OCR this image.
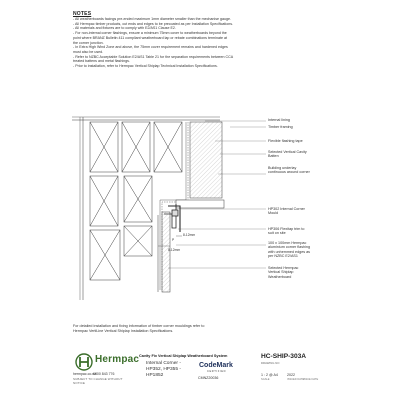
NOTES
- All weatherboards facings pre-ended maximum 1mm diameter smaller than the mechanise gauge.
- All Hermpac timber products, cut ends and edges to be precoated as per Installation Specifications.
- All materials and fixtures are to comply with E2/AS1 Clause E2.
- For non-internal corner flashings, ensure a minimum 75mm cover to weatherboards beyond the
point where BRANZ Bulletin 411 compliant weatherboard lap or rebate combinations terminate at
the corner junction.
- In Extra High Wind Zone and above, the 75mm cover requirement remains and hardened edges
must also be used.
- Refer to NZBC Acceptable Solution E2/AS1 Table 21 for the separation requirements between CCA
treated battens and metal flashings.
- Prior to installation, refer to Hermpac Vertical Shiplap Technical Installation Specifications.
Internal lining
Timber framing
Flexible flashing tape
Selected Vertical Cavity
Batten
Building underlay
continuous around corner
HP302 Internal Corner
Mould
HP306 Flexitap trim to
suit on site
100 x 100mm Hermpac
aluminium corner flashing
with unhemmed edges as
per NZBC E2/AS1
Selected Hermpac
Vertical Shiplap
Weatherboard
8-12mm
P
8-12mm
For detailed installation and fixing information of timber corner mouldings refer to
Hermpac VertiLine Vertical Shiplap Installation Specifications.
Hermpac
hermpac.co.nz
0800 843 776
SUBJECT TO CHANGE WITHOUT NOTICE
Cavity Fix Vertical Shiplap Weatherboard System
Internal Corner -
HP352, HP355 -
HP1852
CodeMark
CERTIFIED
CMNZ20036
HC-SHIP-303A
DRAWING NO
1 : 2 @ A4
SCALE
2022
ISSUED DATE
ISSUE DATE
